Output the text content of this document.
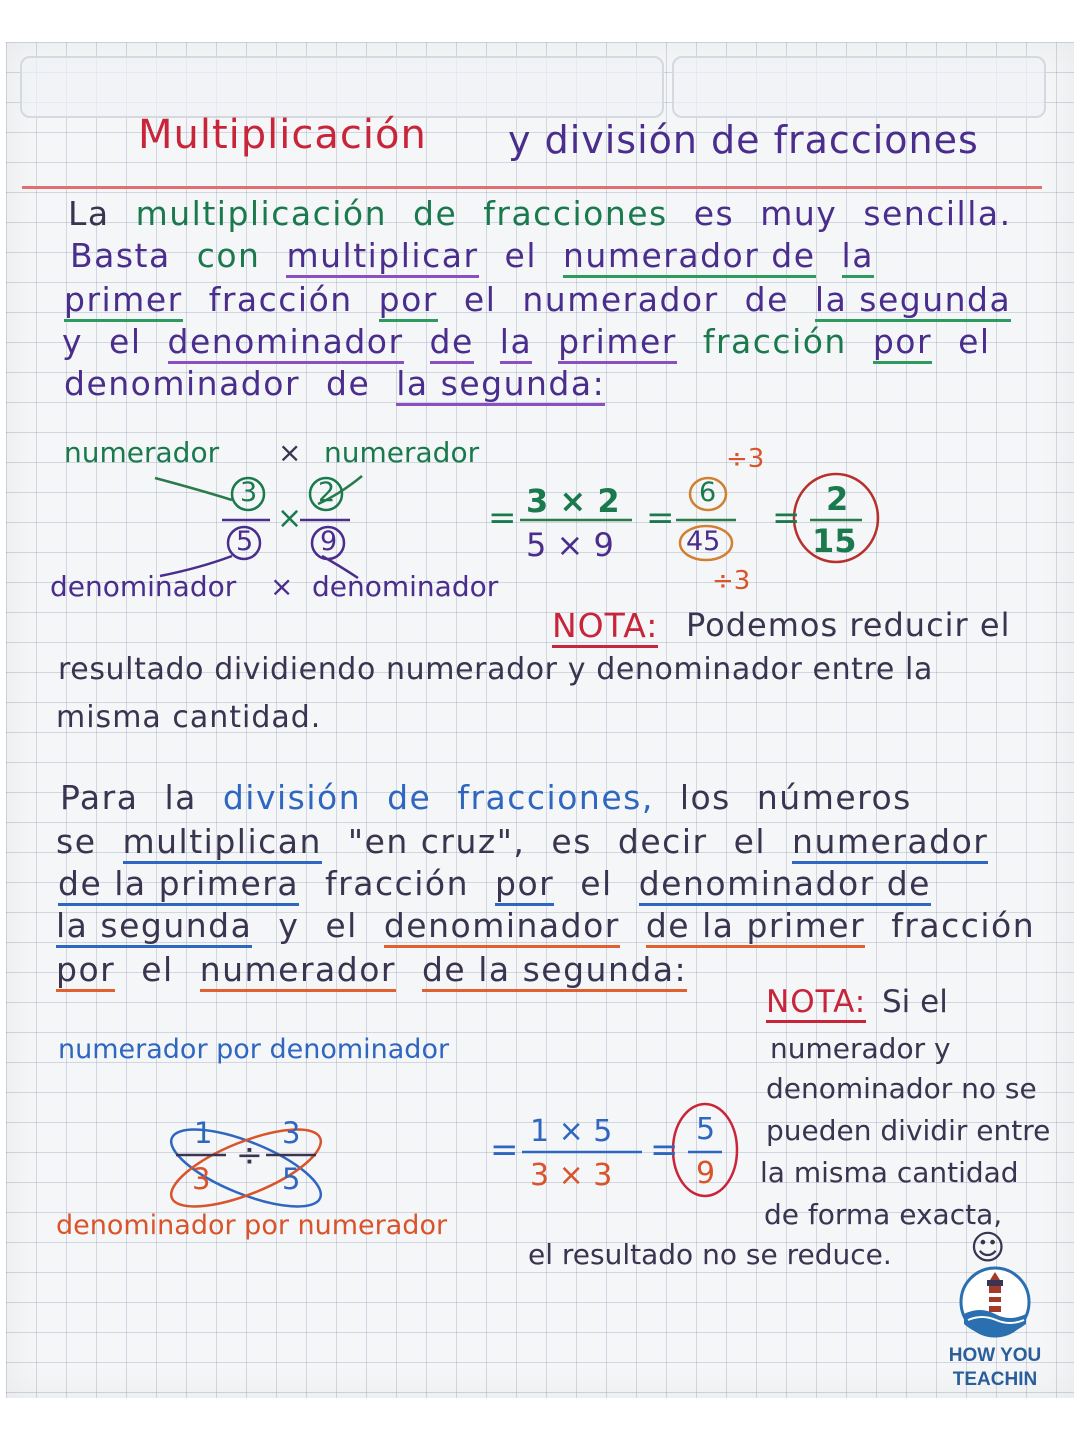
Multiplicación y división de fracciones
La multiplicación de fracciones es muy sencilla.
Basta con multiplicar el numerador de la
primer fracción por el numerador de la segunda
y el denominador de la primer fracción por el
denominador de la segunda:
numerador × numerador
denominador × denominador
3
5
×
2
9
= 3 × 2
5 × 9
=
÷3
6
45
÷3
= 2
15
NOTA: Podemos reducir el
resultado dividiendo numerador y denominador entre la
misma cantidad.
Para la división de fracciones, los números
se multiplican "en cruz", es decir el numerador
de la primera fracción por el denominador de
la segunda y el denominador de la primer fracción
por el numerador de la segunda:
numerador por denominador
denominador por numerador
1
3
÷
3
5
= 1 × 5
3 × 3
=
5
9
NOTA: Si el
numerador y
denominador no se
pueden dividir entre
la misma cantidad
de forma exacta,
el resultado no se reduce. ☺
HOW YOU
TEACHIN
